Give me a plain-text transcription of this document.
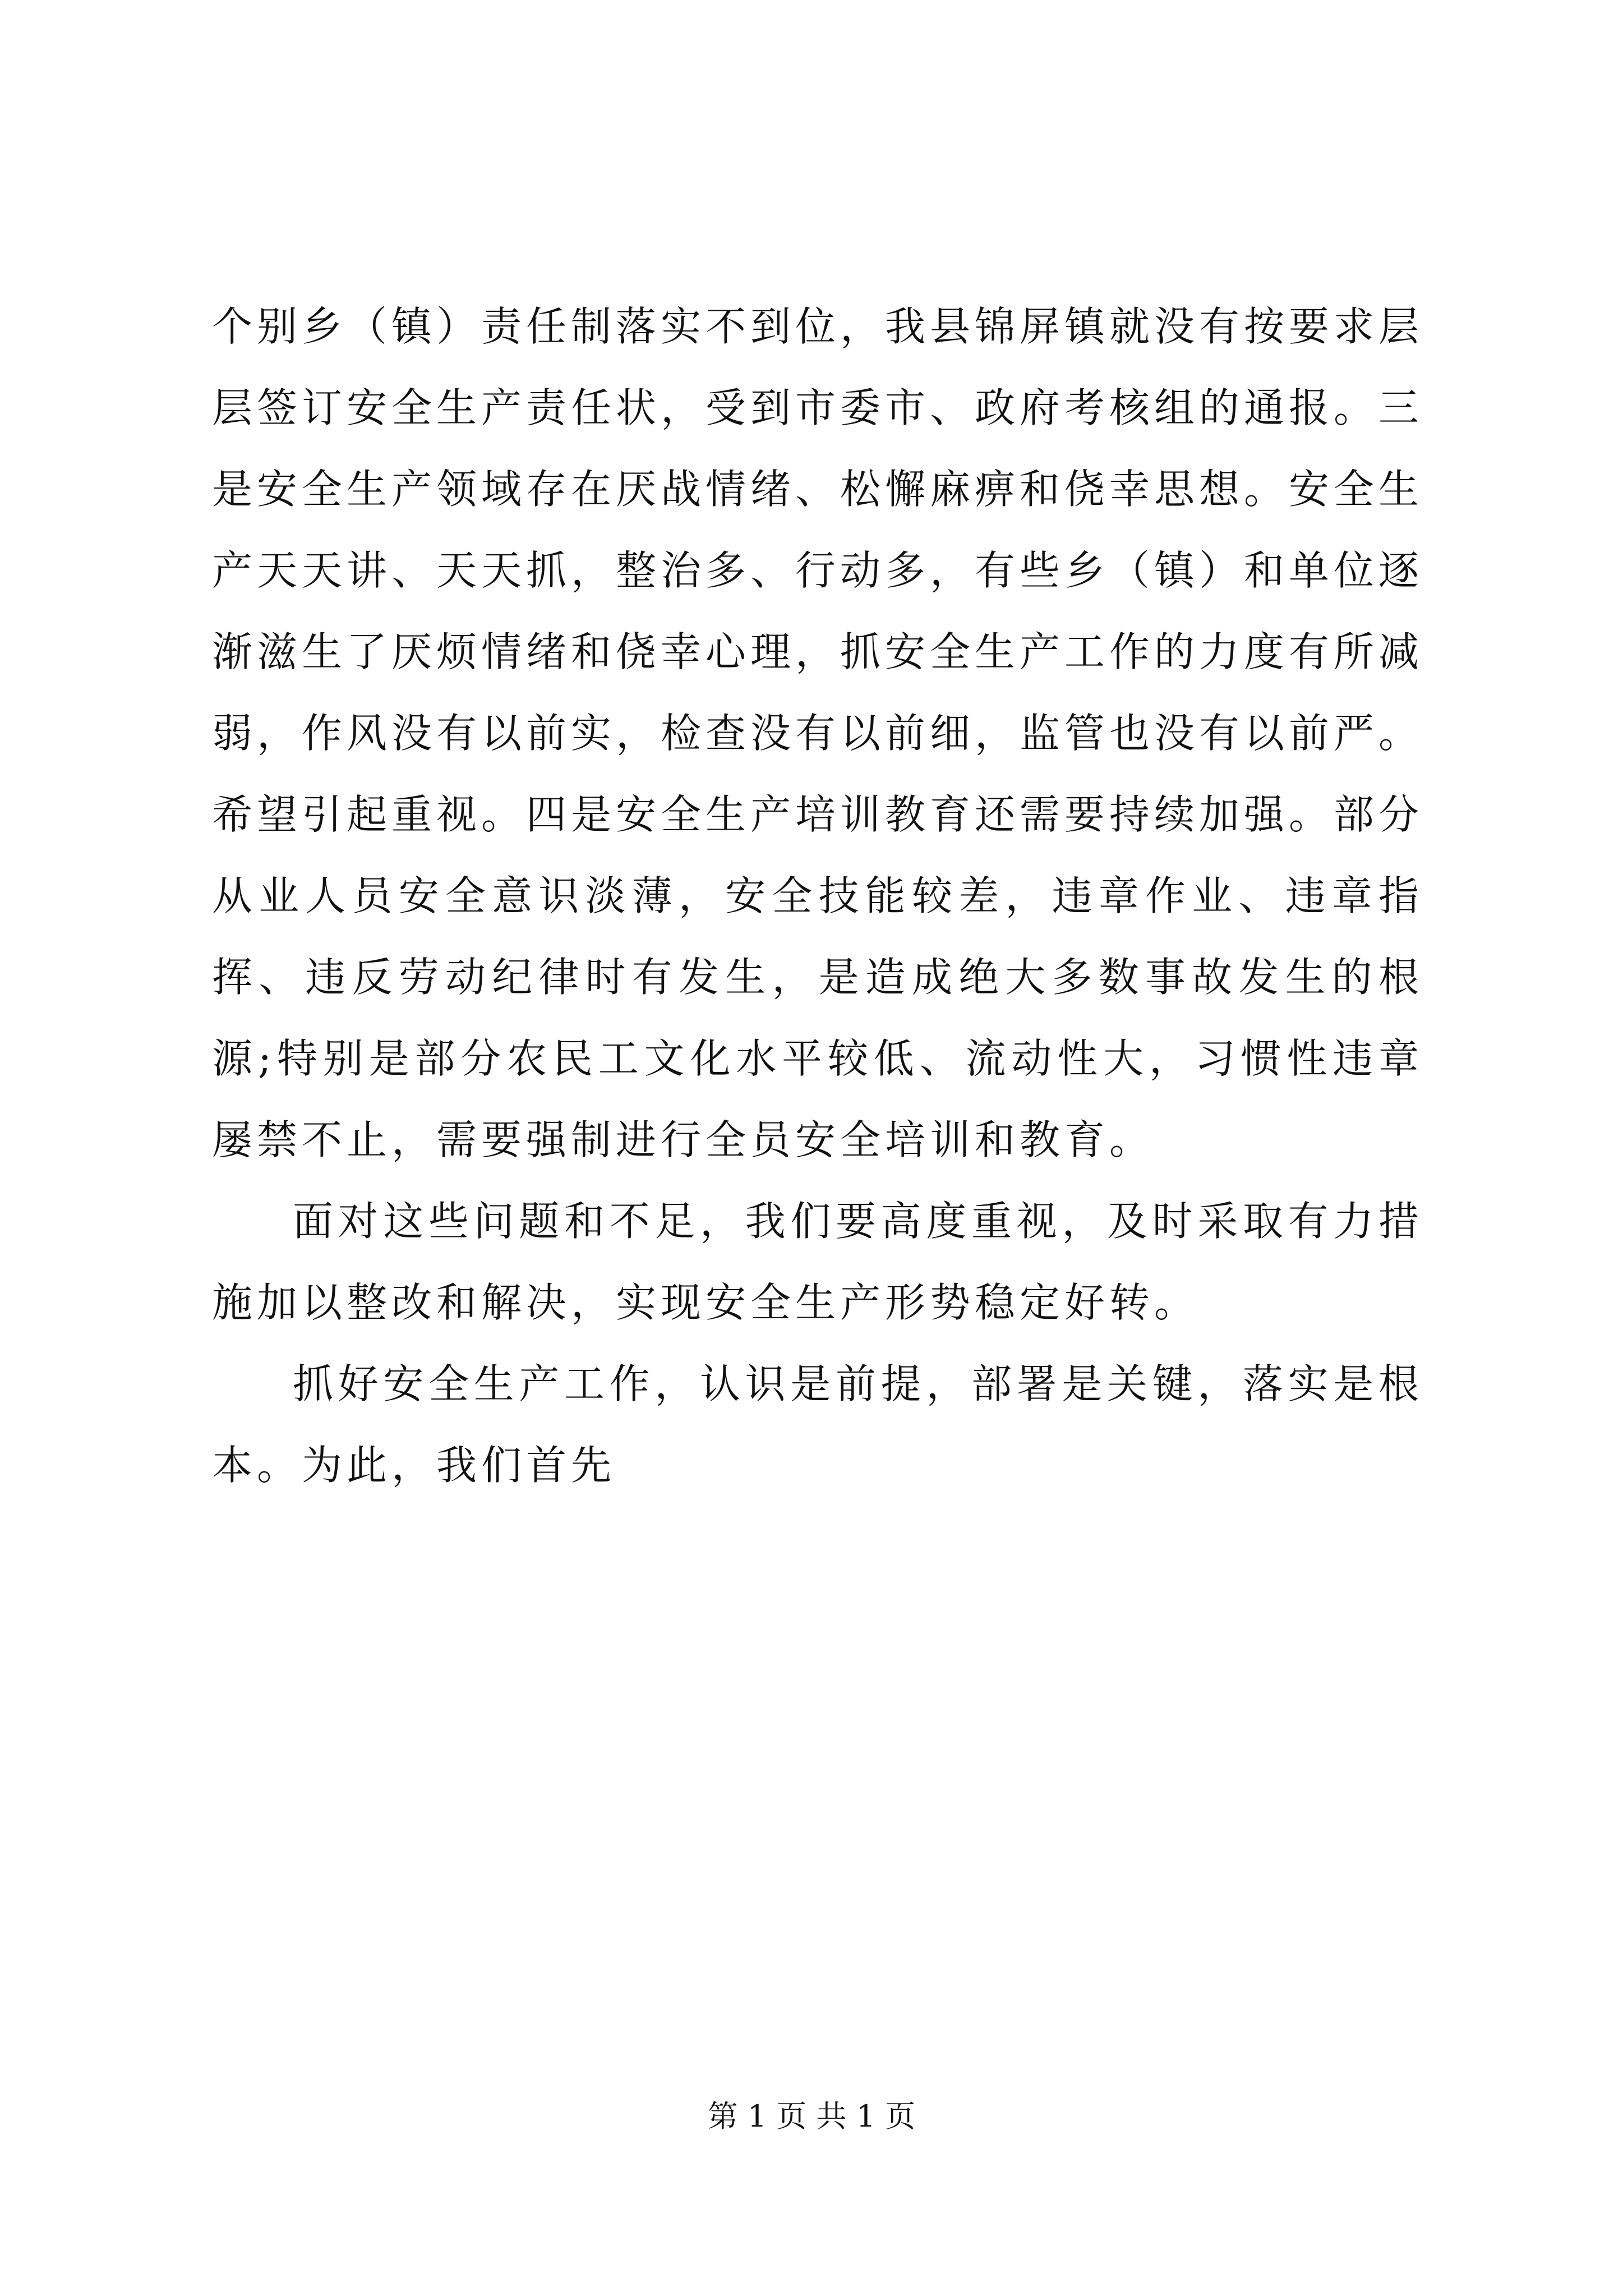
个别乡（镇）责任制落实不到位，我县锦屏镇就没有按要求层层签订安全生产责任状，受到市委市、政府考核组的通报。三是安全生产领域存在厌战情绪、松懈麻痹和侥幸思想。安全生产天天讲、天天抓，整治多、行动多，有些乡（镇）和单位逐渐滋生了厌烦情绪和侥幸心理，抓安全生产工作的力度有所减弱，作风没有以前实，检查没有以前细，监管也没有以前严。希望引起重视。四是安全生产培训教育还需要持续加强。部分从业人员安全意识淡薄，安全技能较差，违章作业、违章指挥、违反劳动纪律时有发生，是造成绝大多数事故发生的根源;特别是部分农民工文化水平较低、流动性大，习惯性违章屡禁不止，需要强制进行全员安全培训和教育。

面对这些问题和不足，我们要高度重视，及时采取有力措施加以整改和解决，实现安全生产形势稳定好转。

抓好安全生产工作，认识是前提，部署是关键，落实是根本。为此，我们首先

第 1 页 共 1 页
